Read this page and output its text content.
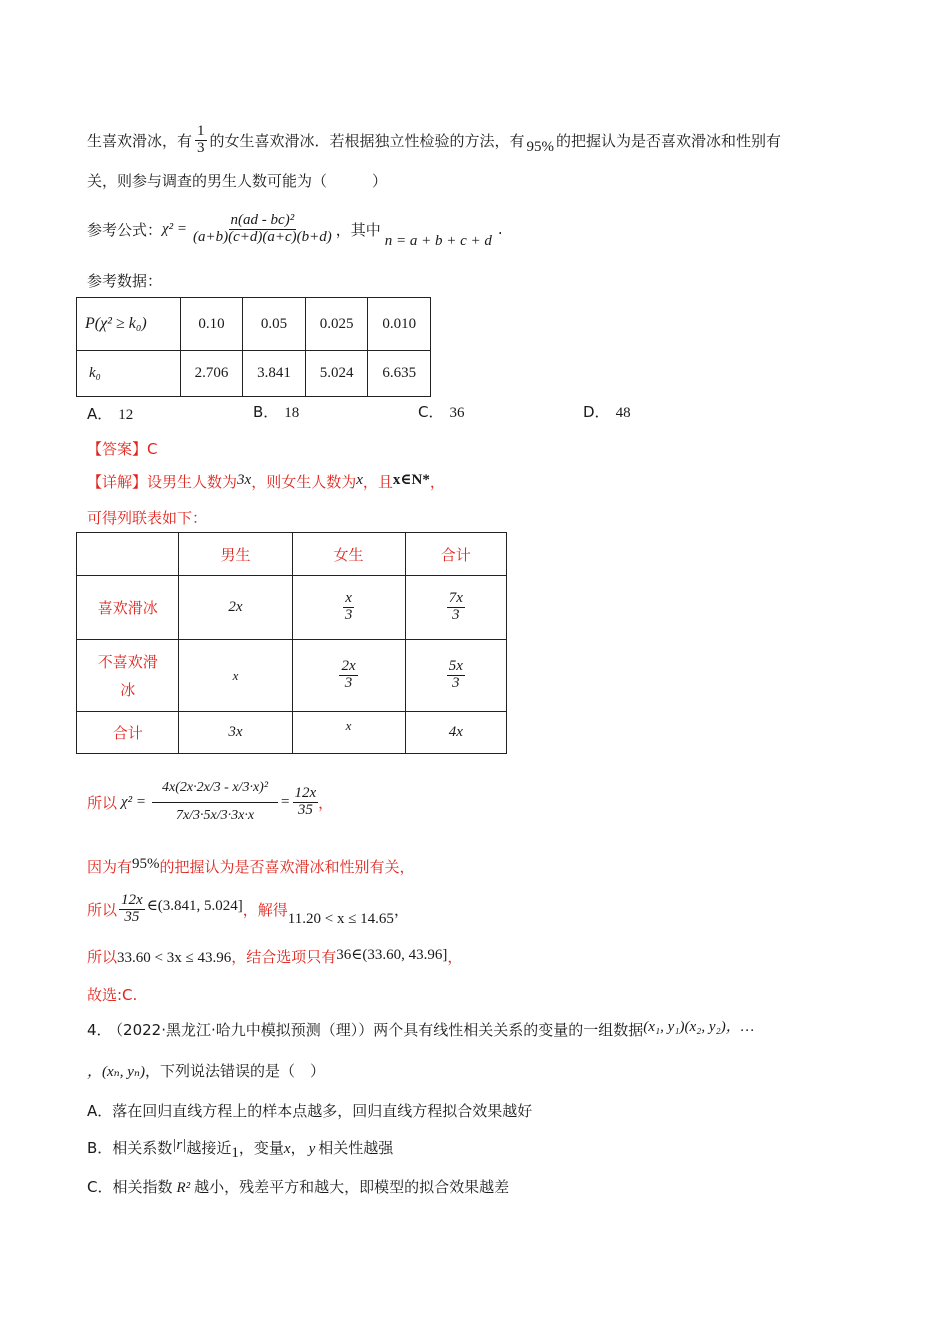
生喜欢滑冰，有 $\frac{1}{3}$ 的女生喜欢滑冰．若根据独立性检验的方法，有 95% 的把握认为是否喜欢滑冰和性别有
关，则参与调查的男生人数可能为（　　　）
参考公式： $\chi^2 = \frac{\text{n(ad - bc)²}}{(a+b)(c+d)(a+c)(b+d)}$ ，其中
n = a + b + c + d
.
参考数据：
P(χ² ≥ k₀)	0.10	0.05	0.025	0.010
k₀	2.706	3.841	5.024	6.635
A． 12	B． 18	C． 36	D． 48
【答案】C
【详解】设男生人数为3x，则女生人数为x，且x∈N*，
可得列联表如下：
	男生	女生	合计
喜欢滑冰	2x	$\frac{x}{3}$	$\frac{7x}{3}$

不喜欢滑冰	x	$\frac{2x}{3}$	$\frac{5x}{3}$

合计	3x	x	4x
所以 $\chi^2 = \frac{\text{4x(2x·2x/3 - x/3·x)²}}{7x/3\cdot 5x/3\cdot 3x\cdot x} = \frac{12x}{35}$ ，
因为有95%的把握认为是否喜欢滑冰和性别有关，
所以 $\frac{12x}{35}$ ∈(3.841, 5.024] ，解得 11.20 < x ≤ 14.65 ，
所以33.60 < 3x ≤ 43.96，结合选项只有36∈(33.60, 43.96]，
故选:C.
4． （2022·黑龙江·哈九中模拟预测（理））两个具有线性相关关系的变量的一组数据(x₁, y₁)(x₂, y₂)，…
，(xₙ, yₙ)，下列说法错误的是（　）
A．落在回归直线方程上的样本点越多，回归直线方程拟合效果越好
B．相关系数|r|越接近1，变量x， y 相关性越强
C．相关指数 R² 越小，残差平方和越大，即模型的拟合效果越差
